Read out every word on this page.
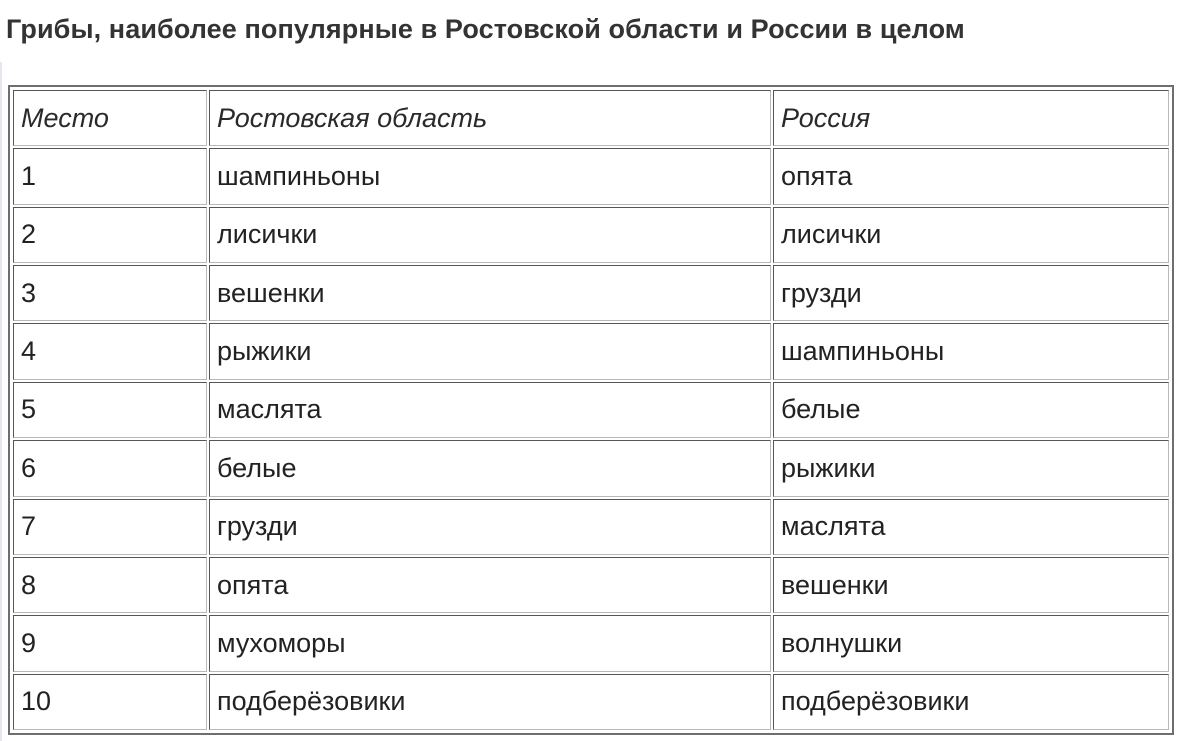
Грибы, наиболее популярные в Ростовской области и России в целом
Место	Ростовская область	Россия
1	шампиньоны	опята
2	лисички	лисички
3	вешенки	грузди
4	рыжики	шампиньоны
5	маслята	белые
6	белые	рыжики
7	грузди	маслята
8	опята	вешенки
9	мухоморы	волнушки
10	подберёзовики	подберёзовики
